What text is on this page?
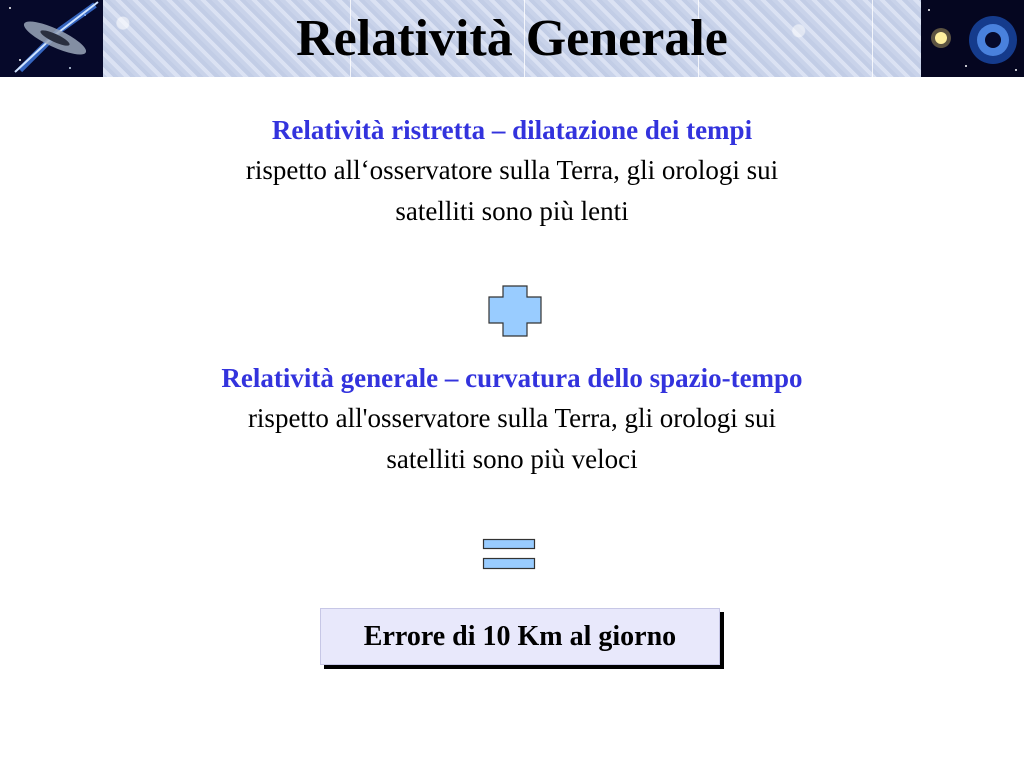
Relatività Generale

Relatività ristretta – dilatazione dei tempi

rispetto all‘osservatore sulla Terra, gli orologi sui

satelliti sono più lenti

Relatività generale – curvatura dello spazio-tempo

rispetto all'osservatore sulla Terra, gli orologi sui

satelliti sono più veloci

Errore di 10 Km al giorno
